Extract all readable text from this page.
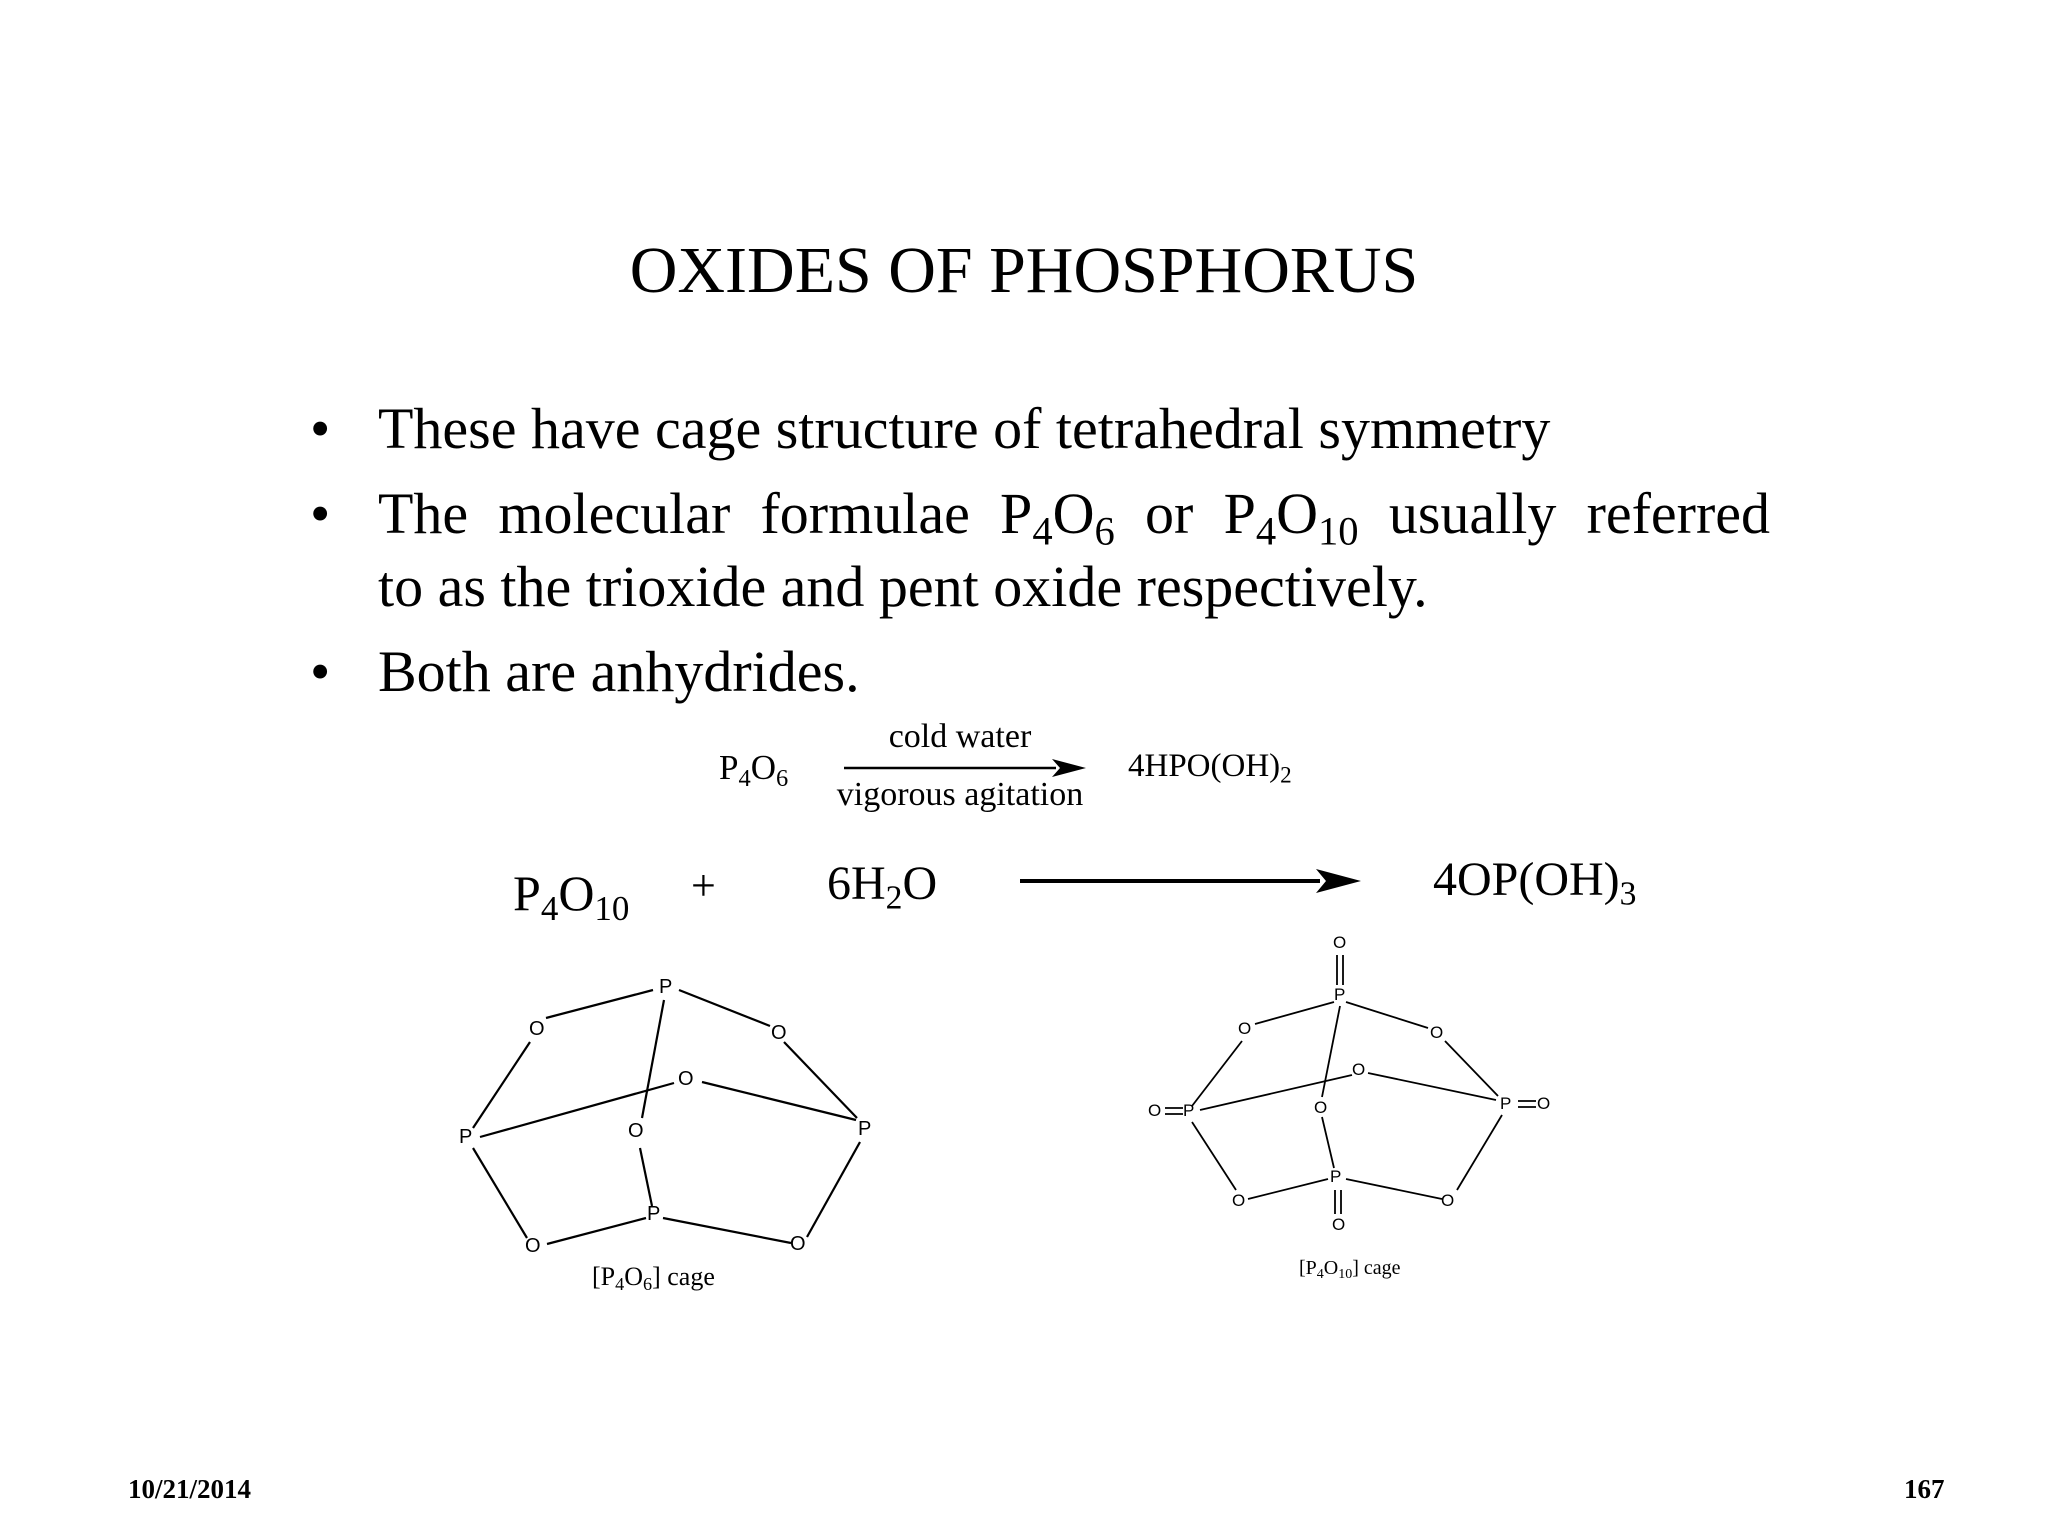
OXIDES OF PHOSPHORUS
• These have cage structure of tetrahedral symmetry
• The molecular formulae $P_4O_6$ or $P_4O_{10}$ usually referred
to as the trioxide and pent oxide respectively.
• Both are anhydrides.
$P_4O_6$
cold water
vigorous agitation
$4HPO(OH)_2$
$P_4O_{10} + 6H_2O$	$4OP(OH)_3$
P
O	O
O
P	O	P
P
O	O
$[P_4O_6]$ cage
O
P
O	O
O
O P	O	P O
P
O	O
O
$[P_4O_{10}]$ cage
10/21/2014	167
